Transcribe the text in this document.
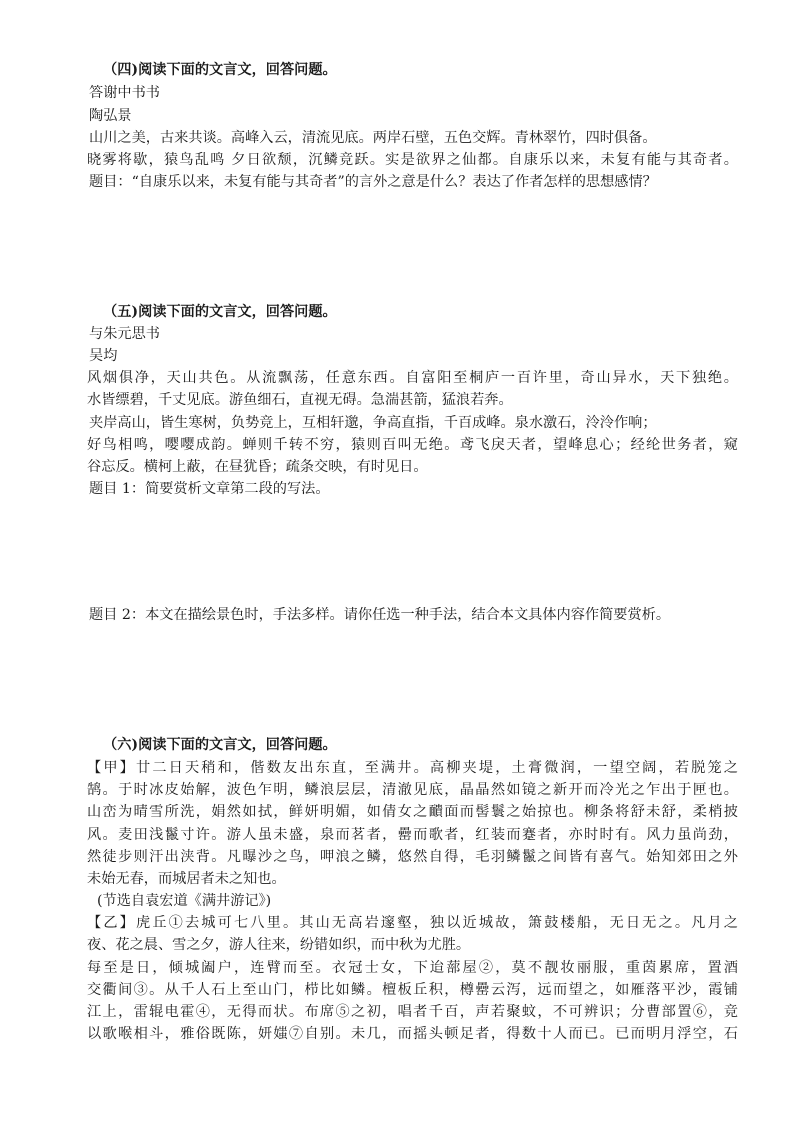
（四)阅读下面的文言文，回答问题。
答谢中书书
陶弘景
山川之美，古来共谈。高峰入云，清流见底。两岸石壁，五色交辉。青林翠竹，四时俱备。
晓雾将歇，猿鸟乱鸣 夕日欲颓，沉鳞竞跃。实是欲界之仙都。自康乐以来，未复有能与其奇者。
题目：“自康乐以来，未复有能与其奇者”的言外之意是什么？表达了作者怎样的思想感情？
（五)阅读下面的文言文，回答问题。
与朱元思书
吴均
风烟俱净，天山共色。从流飘荡，任意东西。自富阳至桐庐一百许里，奇山异水，天下独绝。
水皆缥碧，千丈见底。游鱼细石，直视无碍。急湍甚箭，猛浪若奔。
夹岸高山，皆生寒树，负势竞上，互相轩邈，争高直指，千百成峰。泉水激石，泠泠作响；
好鸟相鸣，嘤嘤成韵。蝉则千转不穷，猿则百叫无绝。鸢飞戾天者，望峰息心；经纶世务者，窥
谷忘反。横柯上蔽，在昼犹昏；疏条交映，有时见日。
题目 1：简要赏析文章第二段的写法。
题目 2：本文在描绘景色时，手法多样。请你任选一种手法，结合本文具体内容作简要赏析。
（六)阅读下面的文言文，回答问题。
【甲】廿二日天稍和，偕数友出东直，至满井。高柳夹堤，土膏微润，一望空阔，若脱笼之
鹄。于时冰皮始解，波色乍明，鳞浪层层，清澈见底，晶晶然如镜之新开而冷光之乍出于匣也。
山峦为晴雪所洗，娟然如拭，鲜妍明媚，如倩女之靧面而髻鬟之始掠也。柳条将舒未舒，柔梢披
风。麦田浅鬣寸许。游人虽未盛，泉而茗者，罍而歌者，红装而蹇者，亦时时有。风力虽尚劲，
然徒步则汗出浃背。凡曝沙之鸟，呷浪之鳞，悠然自得，毛羽鳞鬣之间皆有喜气。始知郊田之外
未始无春，而城居者未之知也。
(节选自袁宏道《满井游记》)
【乙】虎丘①去城可七八里。其山无高岩邃壑，独以近城故，箫鼓楼船，无日无之。凡月之
夜、花之晨、雪之夕，游人往来，纷错如织，而中秋为尤胜。
每至是日，倾城阖户，连臂而至。衣冠士女，下迨蔀屋②，莫不靓妆丽服，重茵累席，置酒
交衢间③。从千人石上至山门，栉比如鳞。檀板丘积，樽罍云泻，远而望之，如雁落平沙，霞铺
江上，雷辊电霍④，无得而状。布席⑤之初，唱者千百，声若聚蚊，不可辨识；分曹部置⑥，竞
以歌喉相斗，雅俗既陈，妍媸⑦自别。未几，而摇头顿足者，得数十人而已。已而明月浮空，石
